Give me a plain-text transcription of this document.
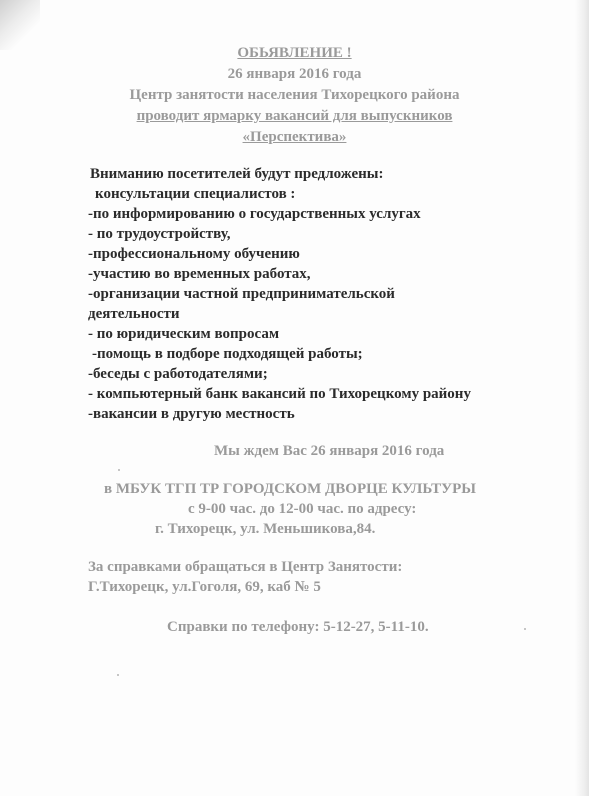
ОБЬЯВЛЕНИЕ !
26 января 2016 года
Центр занятости населения Тихорецкого района
проводит ярмарку вакансий для выпускников
«Перспектива»
Вниманию посетителей будут предложены:
консультации специалистов :
-по информированию о государственных услугах
- по трудоустройству,
-профессиональному обучению
-участию во временных работах,
-организации частной предпринимательской
деятельности
- по юридическим вопросам
-помощь в подборе подходящей работы;
-беседы с работодателями;
- компьютерный банк вакансий по Тихорецкому району
-вакансии в другую местность
Мы ждем Вас 26 января 2016 года
в МБУК ТГП ТР ГОРОДСКОМ ДВОРЦЕ КУЛЬТУРЫ
с 9-00 час. до 12-00 час. по адресу:
г. Тихорецк, ул. Меньшикова,84.
За справками обращаться в Центр Занятости:
Г.Тихорецк, ул.Гоголя, 69, каб № 5
Справки по телефону: 5-12-27, 5-11-10.
